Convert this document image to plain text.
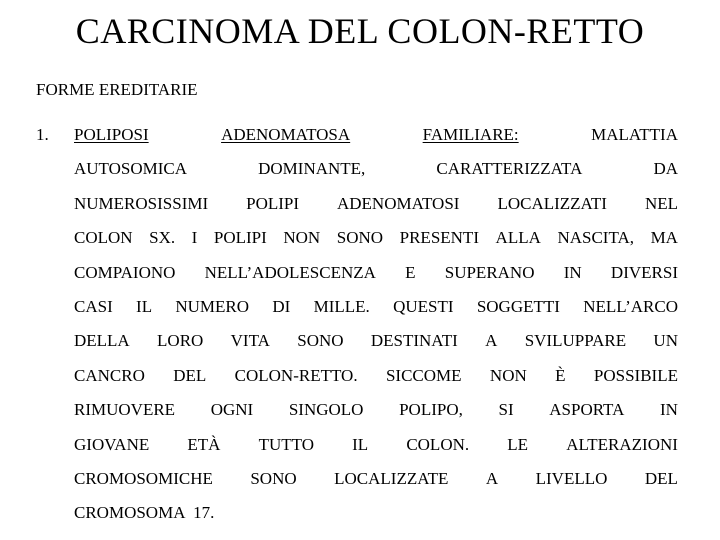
CARCINOMA DEL COLON-RETTO
FORME EREDITARIE
1. POLIPOSI	ADENOMATOSA	FAMILIARE:	MALATTIA
AUTOSOMICA	DOMINANTE,	CARATTERIZZATA	DA
NUMEROSISSIMI POLIPI ADENOMATOSI LOCALIZZATI NEL
COLON SX. I POLIPI NON SONO PRESENTI ALLA NASCITA, MA
COMPAIONO NELL’ADOLESCENZA E SUPERANO IN DIVERSI
CASI IL NUMERO DI MILLE. QUESTI SOGGETTI NELL’ARCO
DELLA LORO VITA SONO DESTINATI A SVILUPPARE UN
CANCRO DEL COLON-RETTO. SICCOME NON È POSSIBILE
RIMUOVERE OGNI SINGOLO POLIPO, SI ASPORTA IN
GIOVANE ETÀ TUTTO IL COLON. LE ALTERAZIONI
CROMOSOMICHE SONO LOCALIZZATE A LIVELLO DEL
CROMOSOMA 17.
